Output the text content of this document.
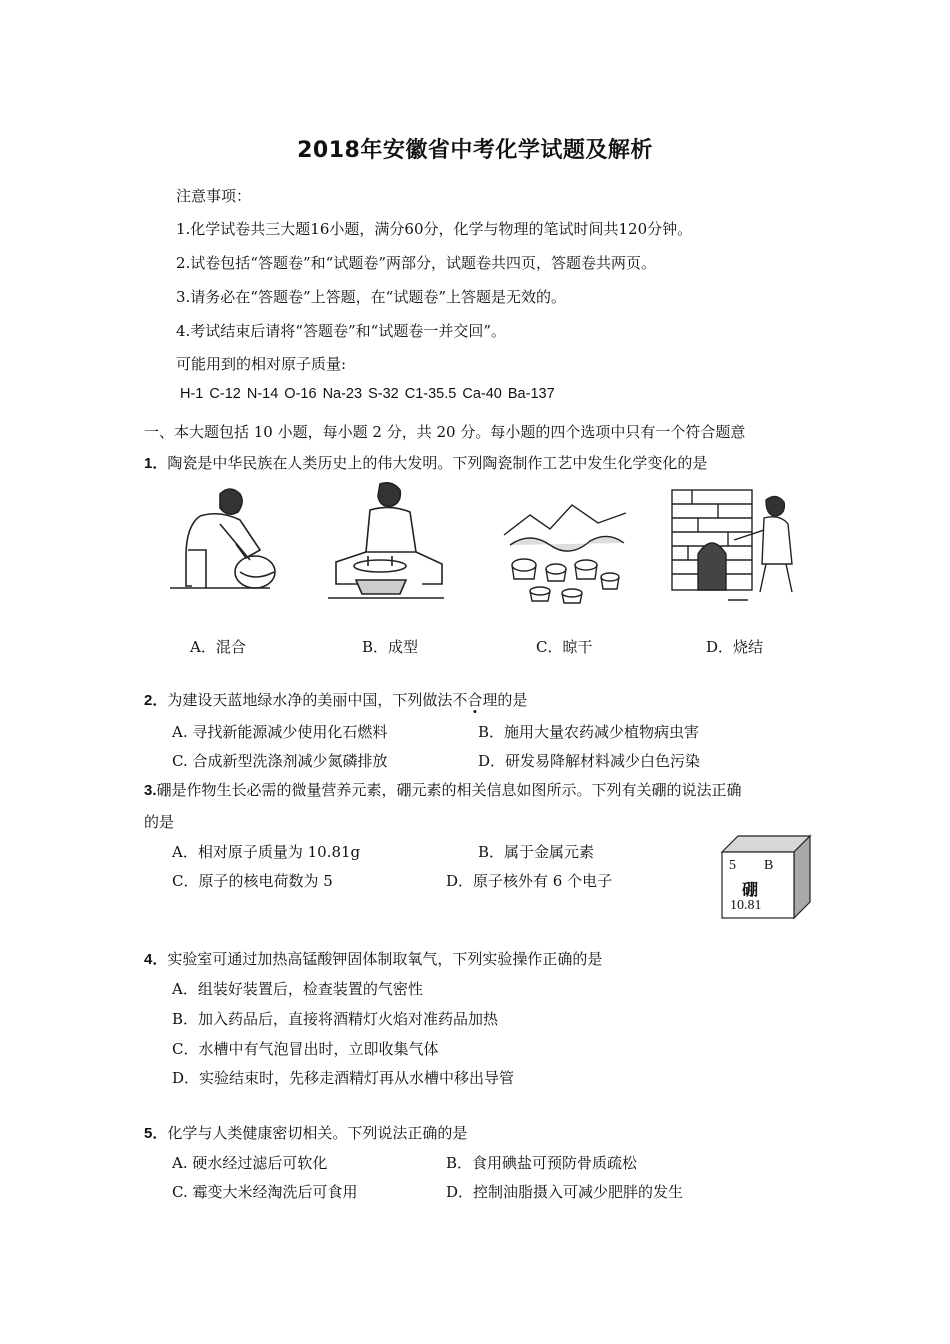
2018年安徽省中考化学试题及解析
注意事项：
1.化学试卷共三大题16小题，满分60分，化学与物理的笔试时间共120分钟。
2.试卷包括“答题卷”和“试题卷”两部分，试题卷共四页，答题卷共两页。
3.请务必在“答题卷”上答题，在“试题卷”上答题是无效的。
4.考试结束后请将“答题卷”和“试题卷一并交回”。
可能用到的相对原子质量:
H-1 C-12 N-14 O-16 Na-23 S-32 C1-35.5 Ca-40 Ba-137
一、本大题包括 10 小题，每小题 2 分，共 20 分。每小题的四个选项中只有一个符合题意
1．陶瓷是中华民族在人类历史上的伟大发明。下列陶瓷制作工艺中发生化学变化的是
A．混合	B．成型	C．晾干	D．烧结
2．为建设天蓝地绿水净的美丽中国，下列做法不合理的是
A. 寻找新能源减少使用化石燃料	B．施用大量农药减少植物病虫害
C. 合成新型洗涤剂减少氮磷排放	D．研发易降解材料减少白色污染
3.硼是作物生长必需的微量营养元素，硼元素的相关信息如图所示。下列有关硼的说法正确
的是
A．相对原子质量为 10.81g	B．属于金属元素
C．原子的核电荷数为 5	D．原子核外有 6 个电子
5 B
硼
10.81
4．实验室可通过加热高锰酸钾固体制取氧气，下列实验操作正确的是
A．组装好装置后，检查装置的气密性
B．加入药品后，直接将酒精灯火焰对准药品加热
C．水槽中有气泡冒出时，立即收集气体
D．实验结束时，先移走酒精灯再从水槽中移出导管
5．化学与人类健康密切相关。下列说法正确的是
A. 硬水经过滤后可软化	B．食用碘盐可预防骨质疏松
C. 霉变大米经淘洗后可食用	D．控制油脂摄入可减少肥胖的发生
